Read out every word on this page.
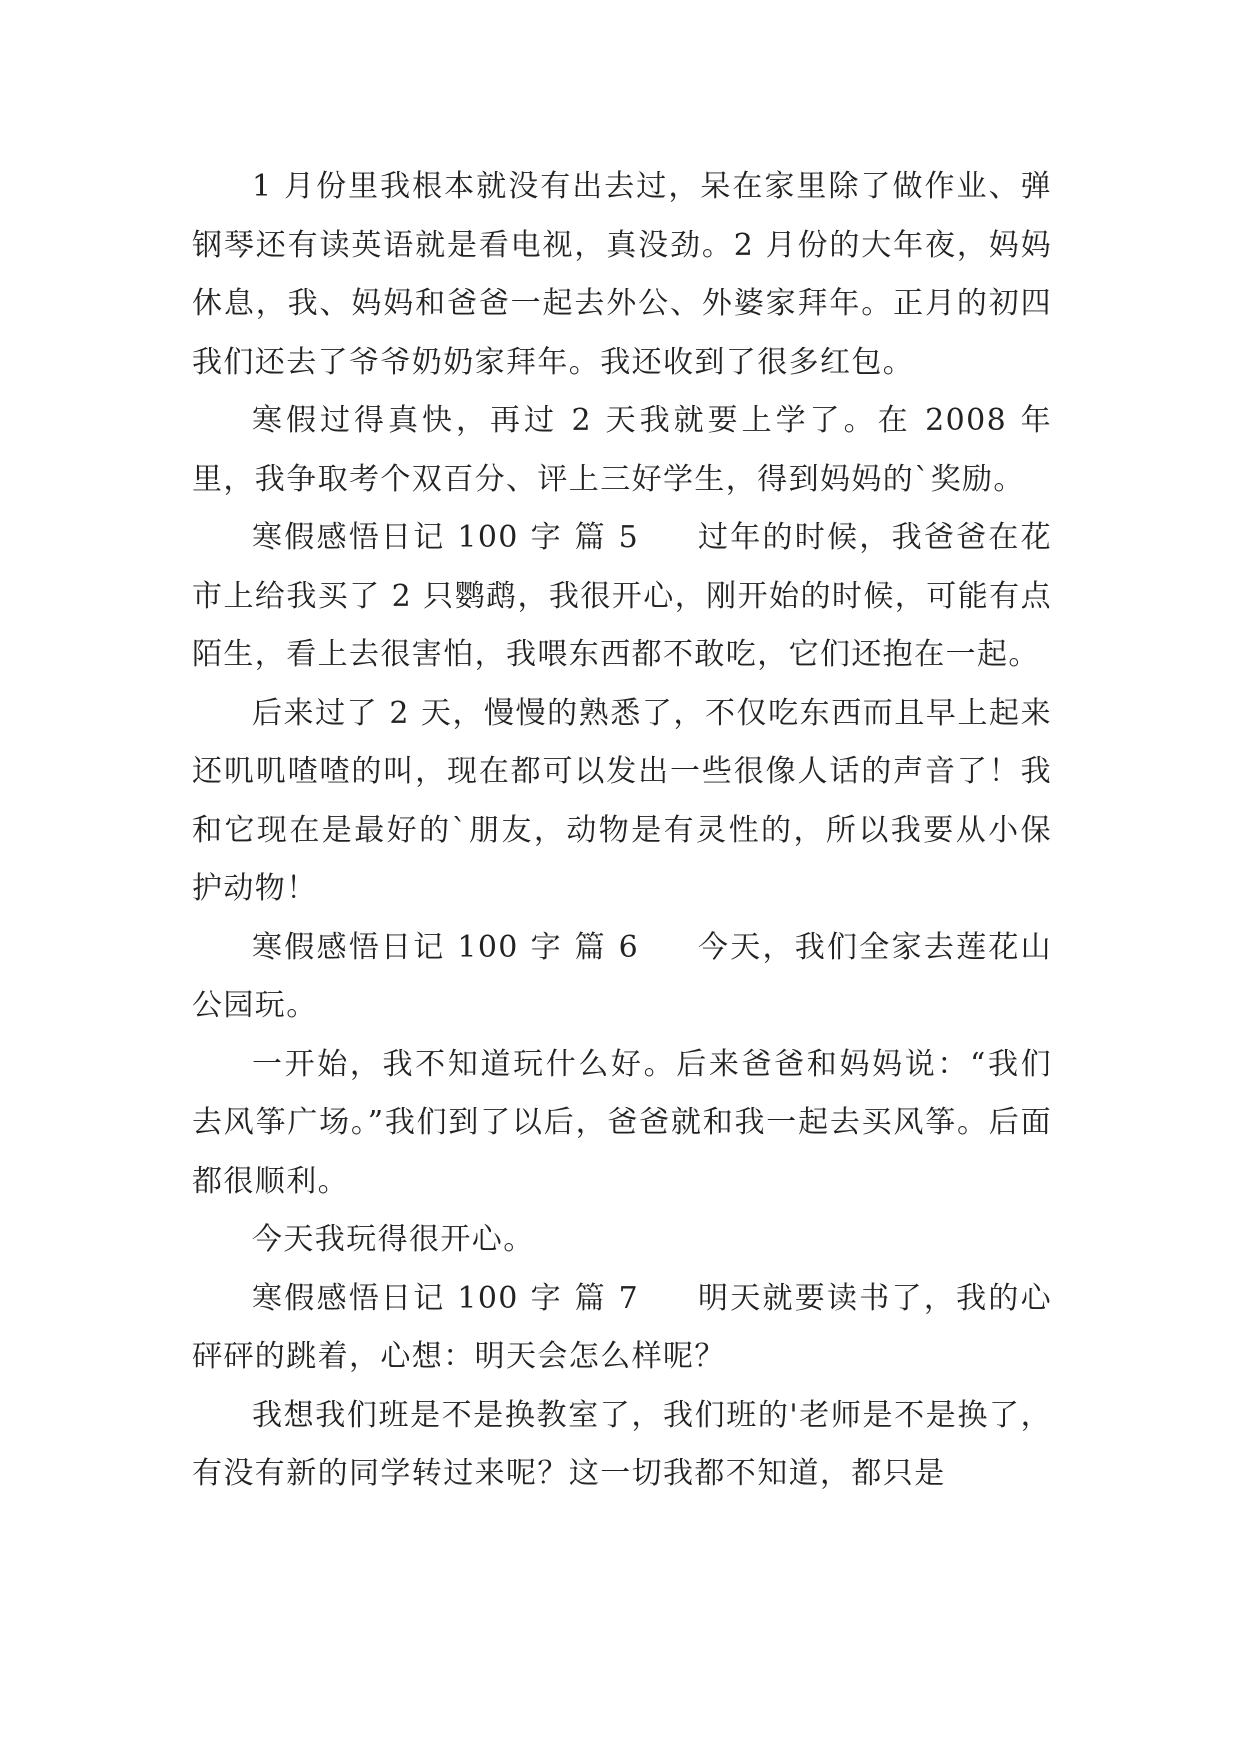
1 月份里我根本就没有出去过，呆在家里除了做作业、弹钢琴还有读英语就是看电视，真没劲。2 月份的大年夜，妈妈休息，我、妈妈和爸爸一起去外公、外婆家拜年。正月的初四我们还去了爷爷奶奶家拜年。我还收到了很多红包。

寒假过得真快，再过 2 天我就要上学了。在 2008 年里，我争取考个双百分、评上三好学生，得到妈妈的`奖励。

寒假感悟日记 100 字 篇 5 过年的时候，我爸爸在花市上给我买了 2 只鹦鹉，我很开心，刚开始的时候，可能有点陌生，看上去很害怕，我喂东西都不敢吃，它们还抱在一起。

后来过了 2 天，慢慢的熟悉了，不仅吃东西而且早上起来还叽叽喳喳的叫，现在都可以发出一些很像人话的声音了！我和它现在是最好的`朋友，动物是有灵性的，所以我要从小保护动物！

寒假感悟日记 100 字 篇 6 今天，我们全家去莲花山公园玩。

一开始，我不知道玩什么好。后来爸爸和妈妈说：“我们去风筝广场。”我们到了以后，爸爸就和我一起去买风筝。后面都很顺利。

今天我玩得很开心。

寒假感悟日记 100 字 篇 7 明天就要读书了，我的心砰砰的跳着，心想：明天会怎么样呢？

我想我们班是不是换教室了，我们班的'老师是不是换了，有没有新的同学转过来呢？这一切我都不知道，都只是
